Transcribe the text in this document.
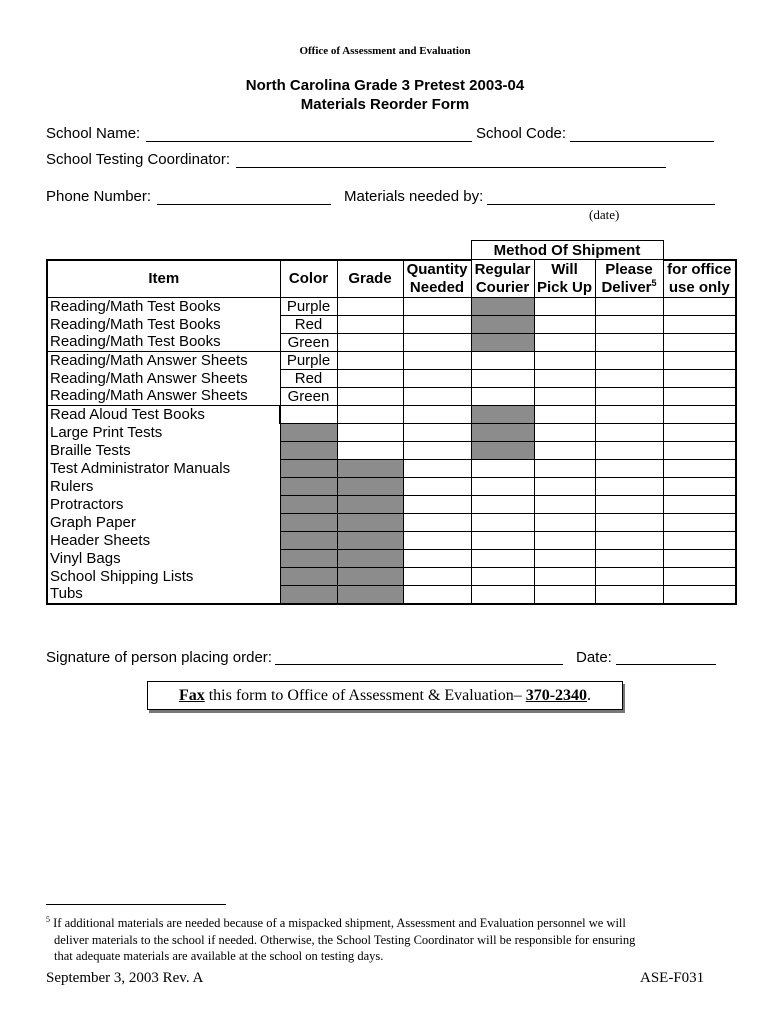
Office of Assessment and Evaluation
North Carolina Grade 3 Pretest 2003-04
Materials Reorder Form
School Name:	School Code:
School Testing Coordinator:
Phone Number:	Materials needed by:
(date)
				Method Of Shipment			
Item	Color	Grade	Quantity	Regular	Will	Please	for office
			Needed	Courier	Pick Up	Deliver$^5$	use only
Reading/Math Test Books	Purple						
Reading/Math Test Books	Red						
Reading/Math Test Books	Green						
Reading/Math Answer Sheets	Purple						
Reading/Math Answer Sheets	Red						
Reading/Math Answer Sheets	Green						
Read Aloud Test Books							
Large Print Tests							
Braille Tests							
Test Administrator Manuals							
Rulers							
Protractors							
Graph Paper							
Header Sheets							
Vinyl Bags							
School Shipping Lists							
Tubs							
Signature of person placing order:	Date:
Fax this form to Office of Assessment & Evaluation– 370-2340.
$^5$ If additional materials are needed because of a mispacked shipment, Assessment and Evaluation personnel we will
deliver materials to the school if needed. Otherwise, the School Testing Coordinator will be responsible for ensuring
that adequate materials are available at the school on testing days.
September 3, 2003 Rev. A	ASE-F031
